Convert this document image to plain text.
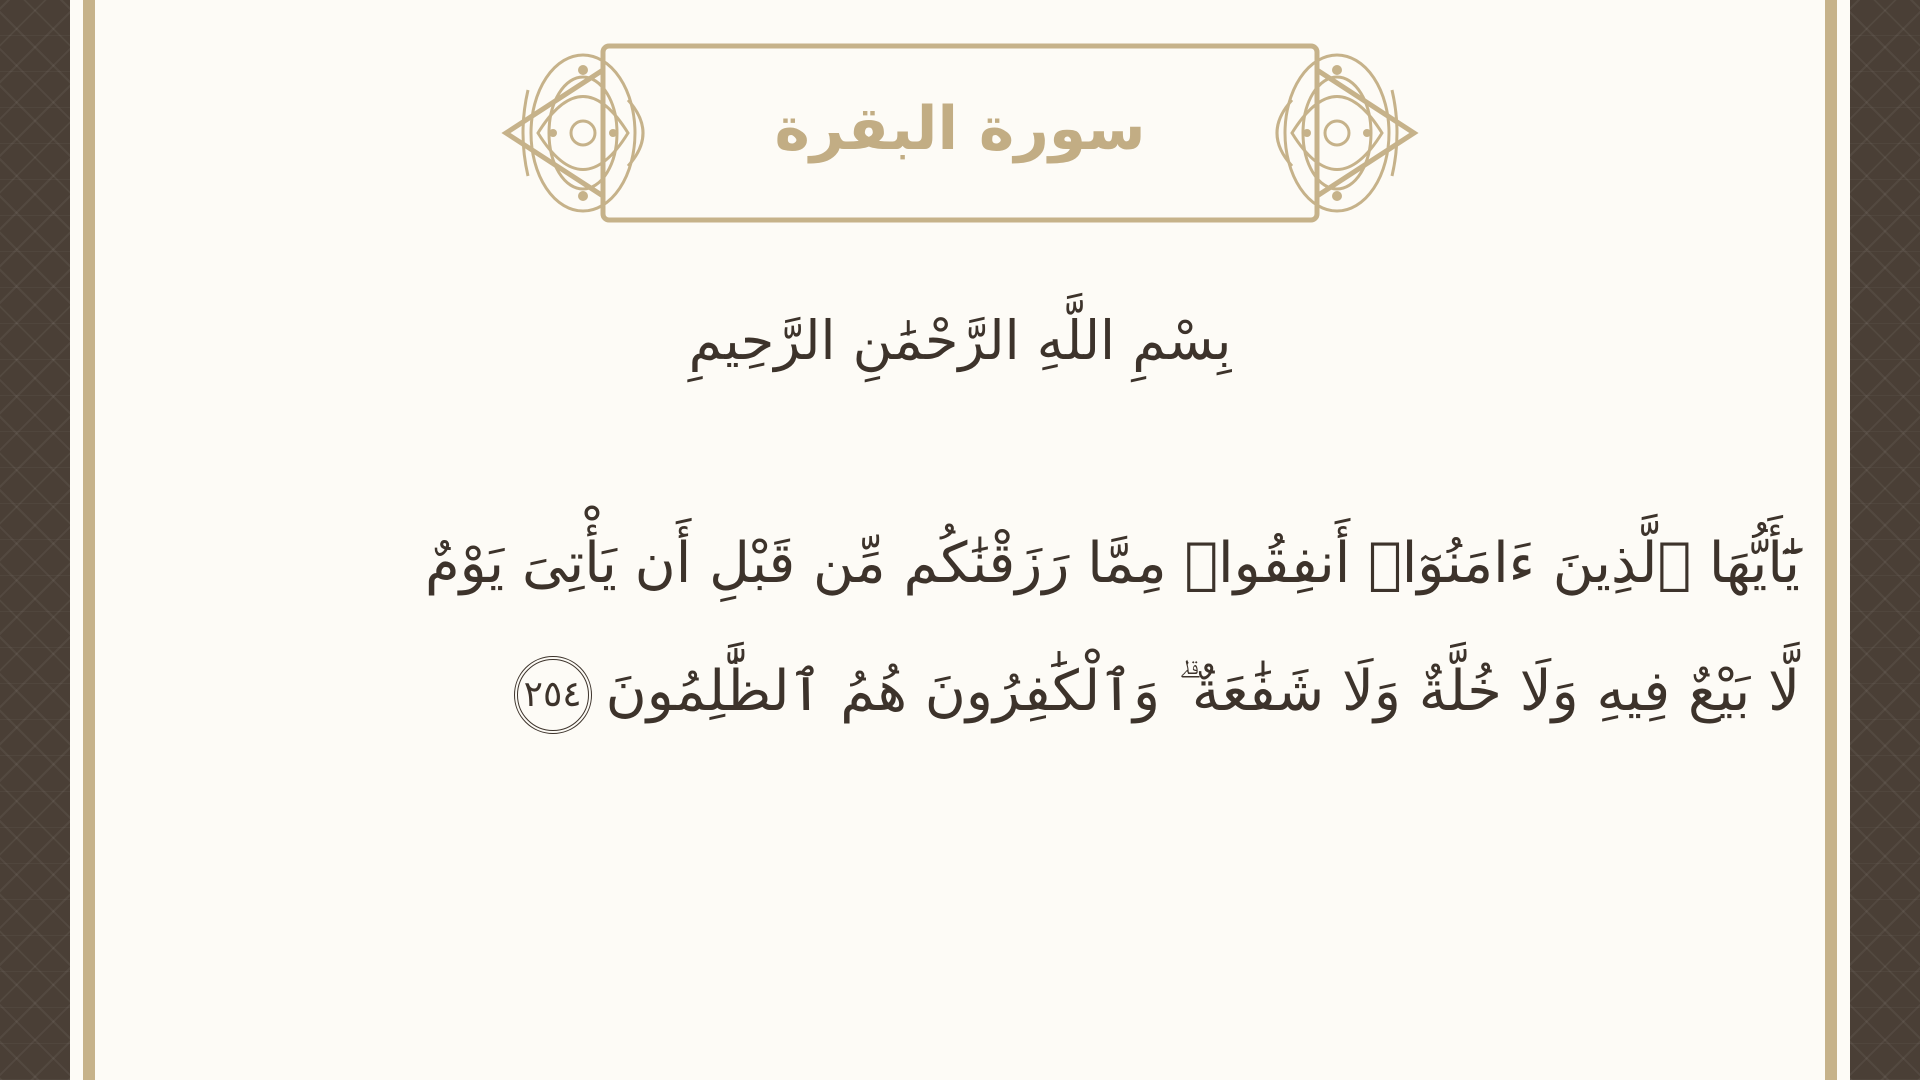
سورة البقرة
بِسْمِ اللَّهِ الرَّحْمَٰنِ الرَّحِيمِ
يَٰٓأَيُّهَا ٱلَّذِينَ ءَامَنُوٓا۟ أَنفِقُوا۟ مِمَّا رَزَقْنَٰكُم مِّن قَبْلِ أَن يَأْتِىَ يَوْمٌ
لَّا بَيْعٌ فِيهِ وَلَا خُلَّةٌ وَلَا شَفَٰعَةٌ ۗ وَٱلْكَٰفِرُونَ هُمُ ٱلظَّٰلِمُونَ٢٥٤
